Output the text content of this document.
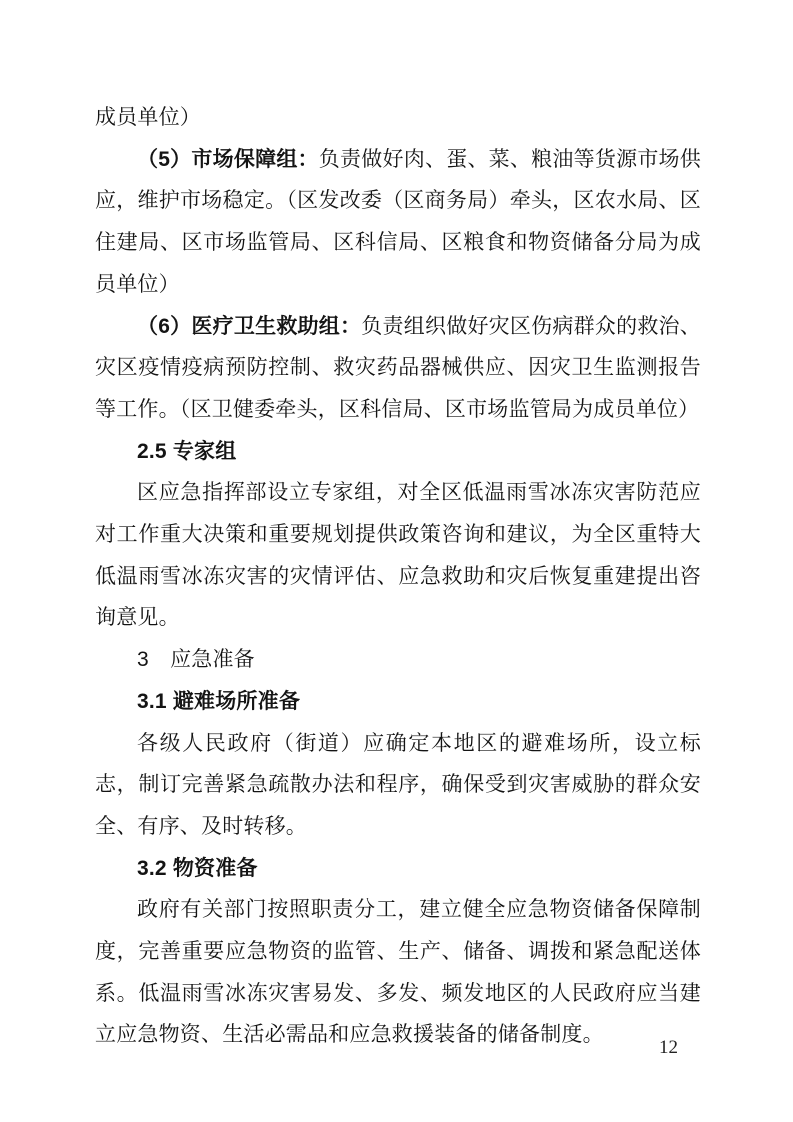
成员单位）

（5）市场保障组：负责做好肉、蛋、菜、粮油等货源市场供应，维护市场稳定。（区发改委（区商务局）牵头，区农水局、区住建局、区市场监管局、区科信局、区粮食和物资储备分局为成员单位）

（6）医疗卫生救助组：负责组织做好灾区伤病群众的救治、灾区疫情疫病预防控制、救灾药品器械供应、因灾卫生监测报告等工作。（区卫健委牵头，区科信局、区市场监管局为成员单位）

2.5 专家组

区应急指挥部设立专家组，对全区低温雨雪冰冻灾害防范应对工作重大决策和重要规划提供政策咨询和建议，为全区重特大低温雨雪冰冻灾害的灾情评估、应急救助和灾后恢复重建提出咨询意见。

3　应急准备

3.1 避难场所准备

各级人民政府（街道）应确定本地区的避难场所，设立标志，制订完善紧急疏散办法和程序，确保受到灾害威胁的群众安全、有序、及时转移。

3.2 物资准备

政府有关部门按照职责分工，建立健全应急物资储备保障制度，完善重要应急物资的监管、生产、储备、调拨和紧急配送体系。低温雨雪冰冻灾害易发、多发、频发地区的人民政府应当建立应急物资、生活必需品和应急救援装备的储备制度。

12
